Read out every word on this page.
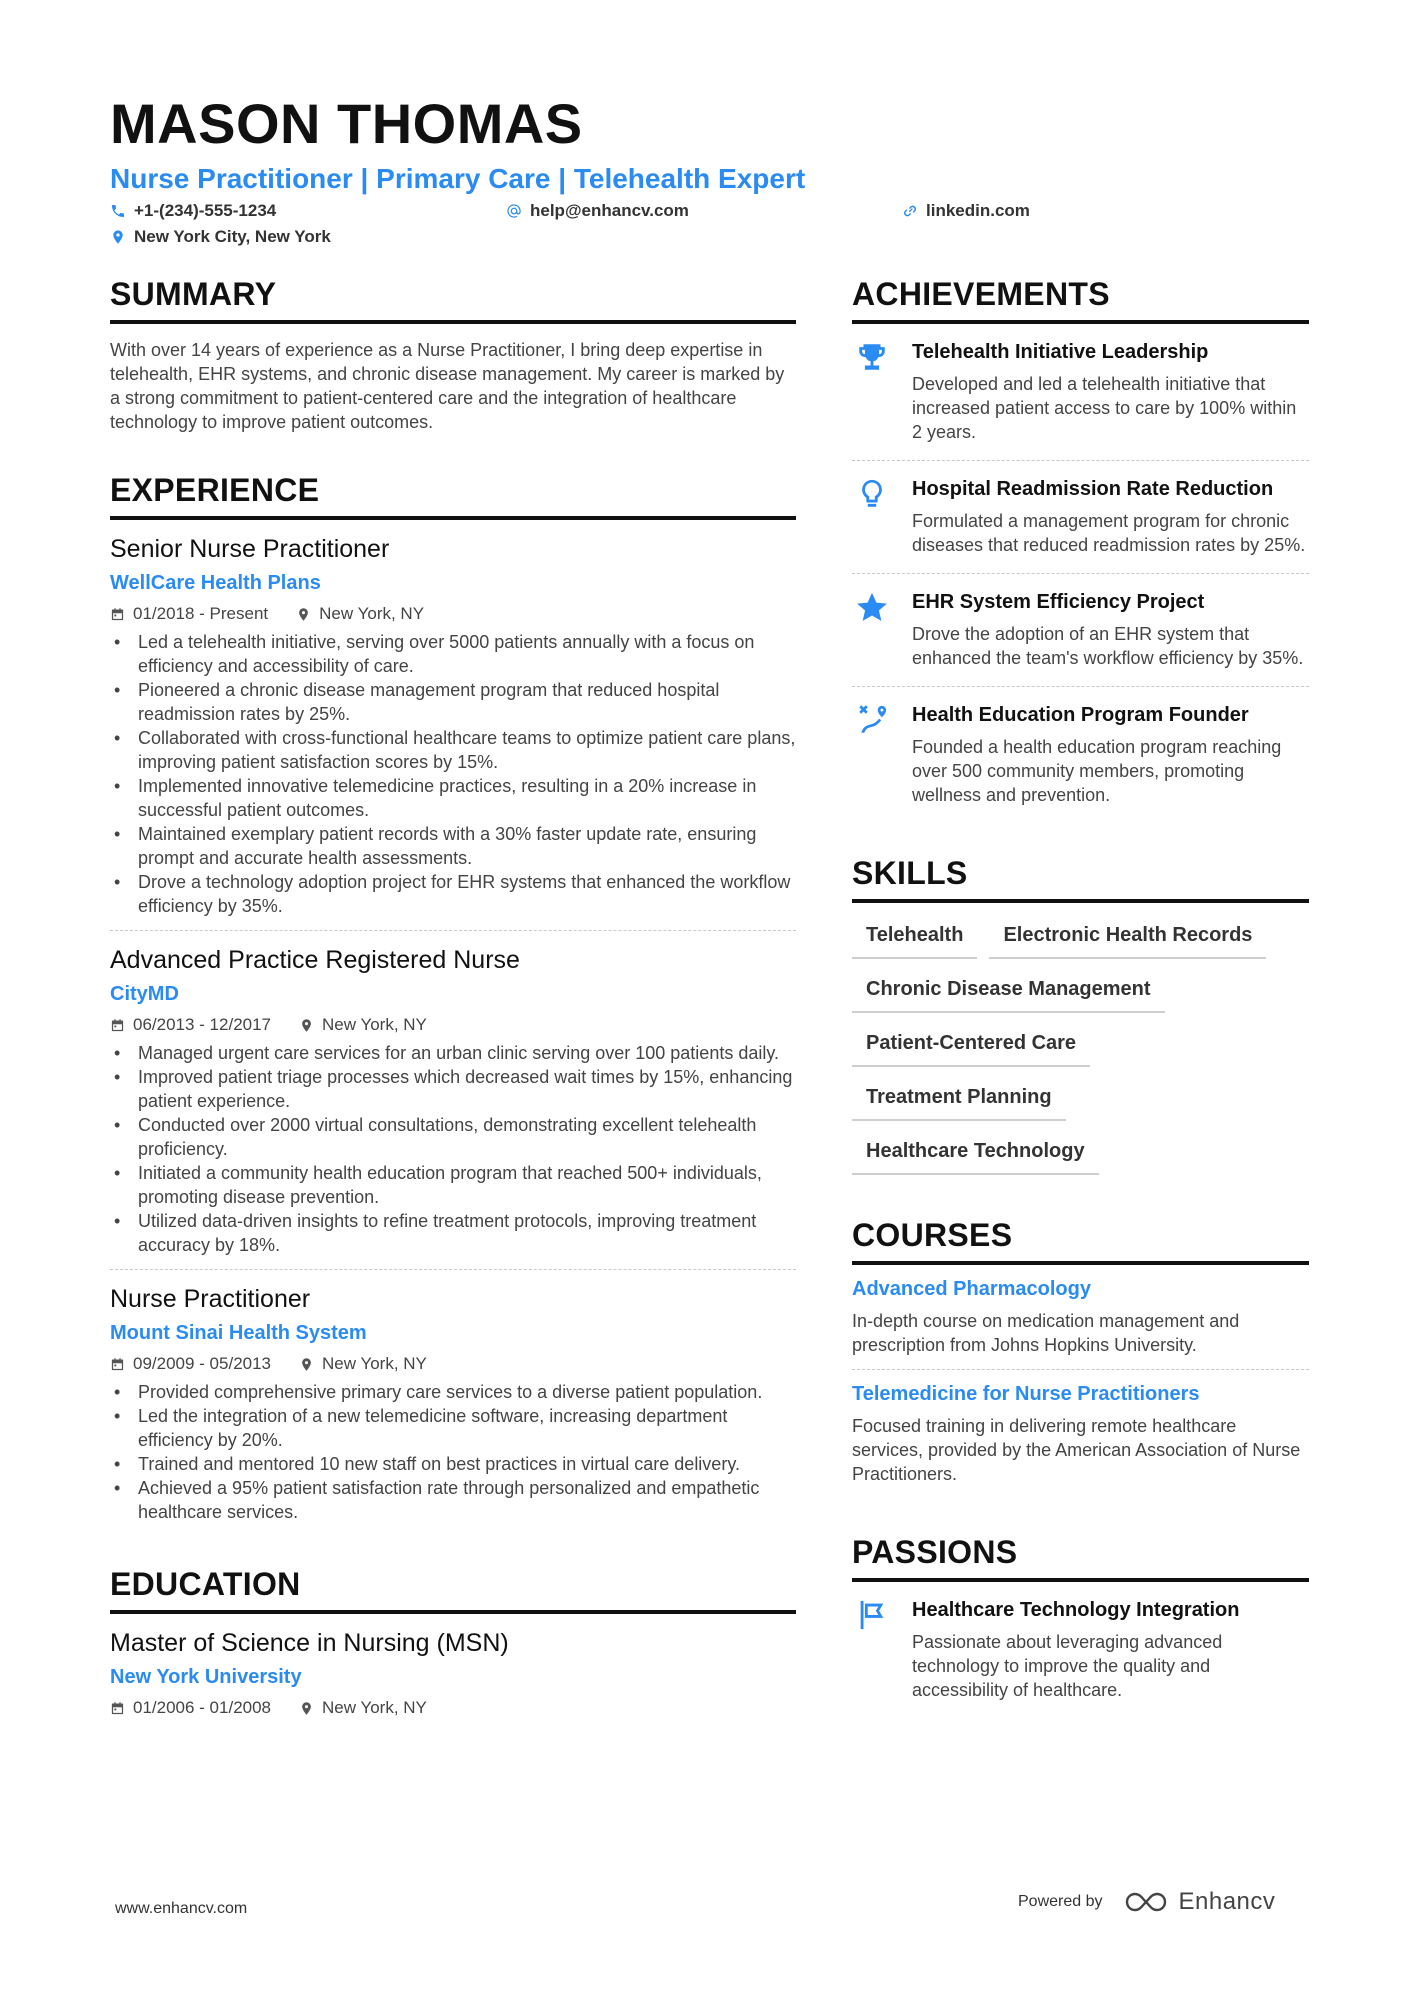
MASON THOMAS
Nurse Practitioner | Primary Care | Telehealth Expert
+1-(234)-555-1234	help@enhancv.com	linkedin.com
New York City, New York
SUMMARY
With over 14 years of experience as a Nurse Practitioner, I bring deep expertise in telehealth, EHR systems, and chronic disease management. My career is marked by a strong commitment to patient-centered care and the integration of healthcare technology to improve patient outcomes.
EXPERIENCE
Senior Nurse Practitioner
WellCare Health Plans
01/2018 - Present	New York, NY
• Led a telehealth initiative, serving over 5000 patients annually with a focus on efficiency and accessibility of care.
• Pioneered a chronic disease management program that reduced hospital readmission rates by 25%.
• Collaborated with cross-functional healthcare teams to optimize patient care plans, improving patient satisfaction scores by 15%.
• Implemented innovative telemedicine practices, resulting in a 20% increase in successful patient outcomes.
• Maintained exemplary patient records with a 30% faster update rate, ensuring prompt and accurate health assessments.
• Drove a technology adoption project for EHR systems that enhanced the workflow efficiency by 35%.
Advanced Practice Registered Nurse
CityMD
06/2013 - 12/2017	New York, NY
• Managed urgent care services for an urban clinic serving over 100 patients daily.
• Improved patient triage processes which decreased wait times by 15%, enhancing patient experience.
• Conducted over 2000 virtual consultations, demonstrating excellent telehealth proficiency.
• Initiated a community health education program that reached 500+ individuals, promoting disease prevention.
• Utilized data-driven insights to refine treatment protocols, improving treatment accuracy by 18%.
Nurse Practitioner
Mount Sinai Health System
09/2009 - 05/2013	New York, NY
• Provided comprehensive primary care services to a diverse patient population.
• Led the integration of a new telemedicine software, increasing department efficiency by 20%.
• Trained and mentored 10 new staff on best practices in virtual care delivery.
• Achieved a 95% patient satisfaction rate through personalized and empathetic healthcare services.
EDUCATION
Master of Science in Nursing (MSN)
New York University
01/2006 - 01/2008	New York, NY
ACHIEVEMENTS
Telehealth Initiative Leadership
Developed and led a telehealth initiative that increased patient access to care by 100% within 2 years.
Hospital Readmission Rate Reduction
Formulated a management program for chronic diseases that reduced readmission rates by 25%.
EHR System Efficiency Project
Drove the adoption of an EHR system that enhanced the team's workflow efficiency by 35%.
Health Education Program Founder
Founded a health education program reaching over 500 community members, promoting wellness and prevention.
SKILLS
Telehealth	Electronic Health Records
Chronic Disease Management
Patient-Centered Care
Treatment Planning
Healthcare Technology
COURSES
Advanced Pharmacology
In-depth course on medication management and prescription from Johns Hopkins University.
Telemedicine for Nurse Practitioners
Focused training in delivering remote healthcare services, provided by the American Association of Nurse Practitioners.
PASSIONS
Healthcare Technology Integration
Passionate about leveraging advanced technology to improve the quality and accessibility of healthcare.
www.enhancv.com	Powered by	Enhancv
